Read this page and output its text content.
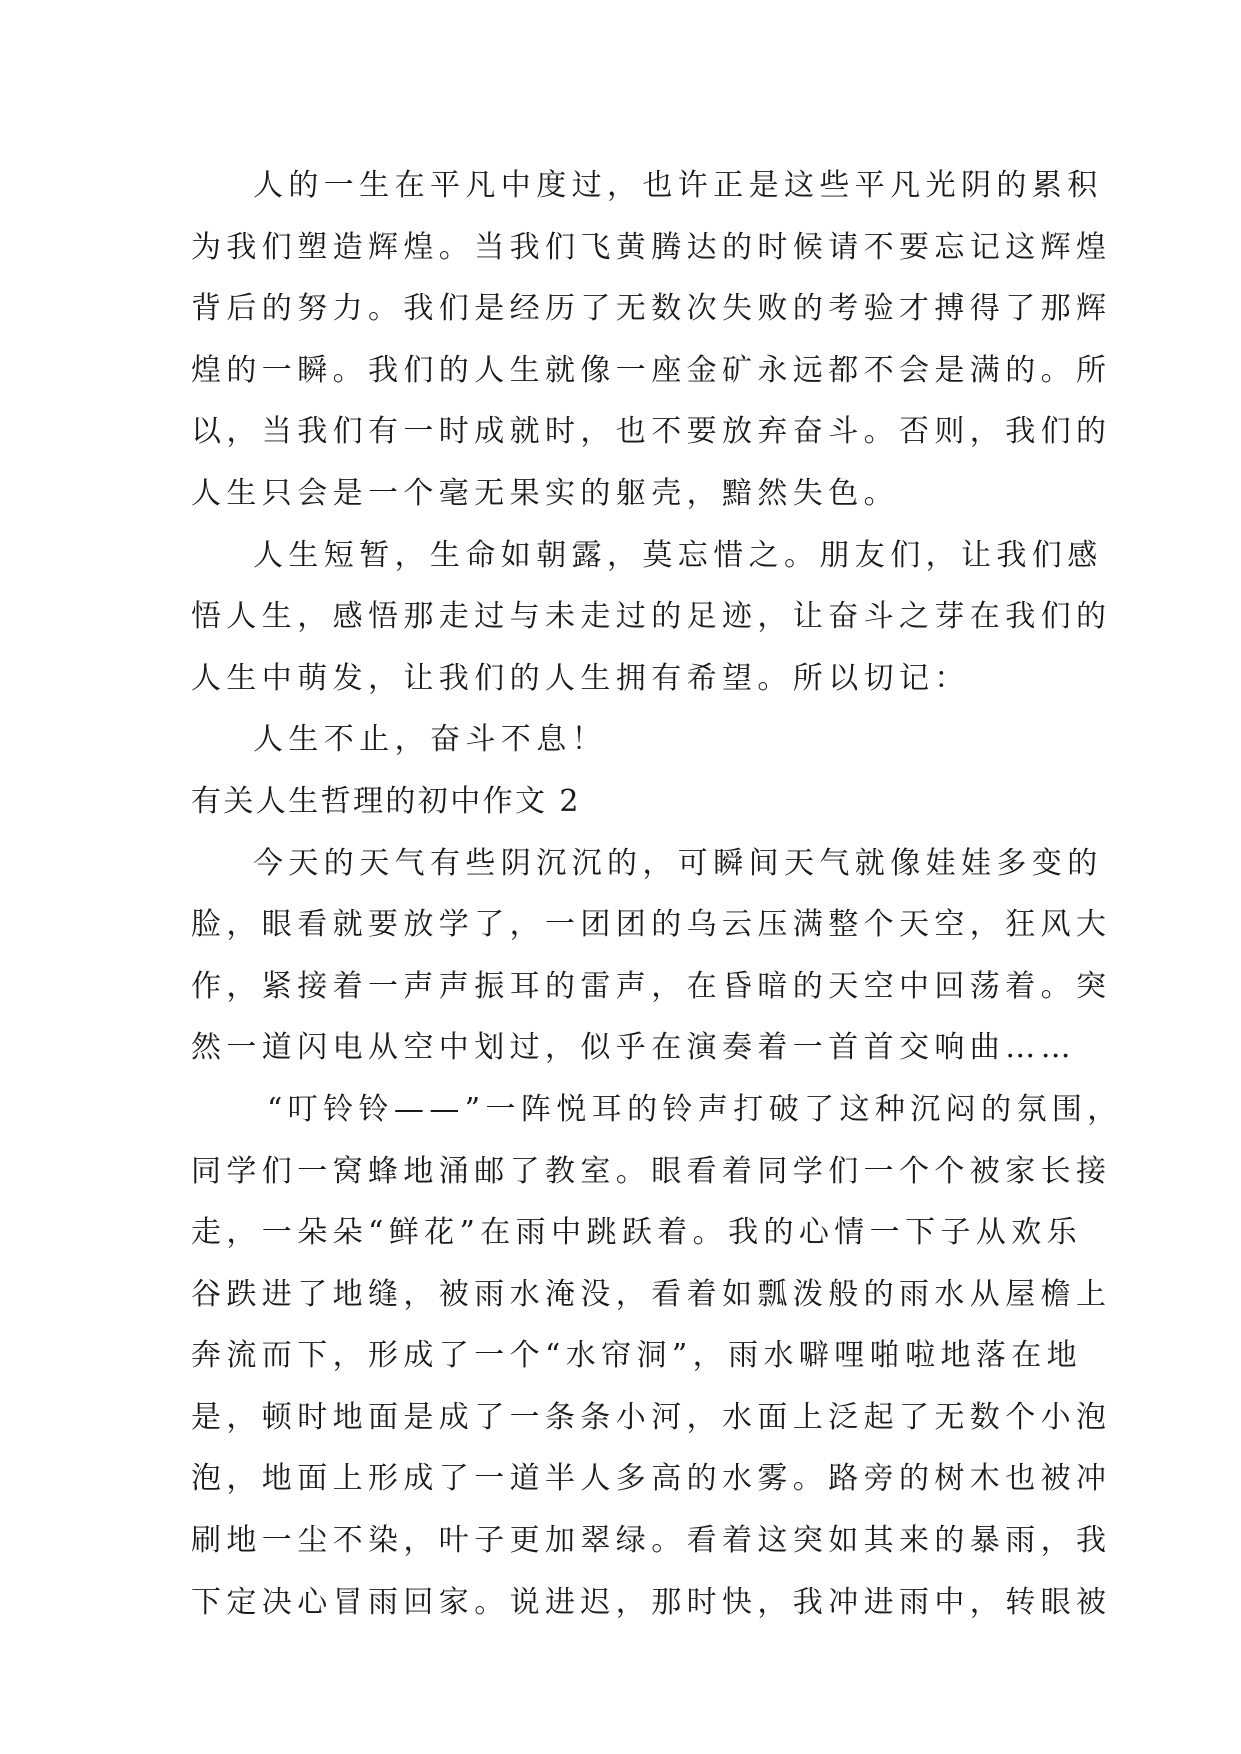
人的一生在平凡中度过，也许正是这些平凡光阴的累积
为我们塑造辉煌。当我们飞黄腾达的时候请不要忘记这辉煌
背后的努力。我们是经历了无数次失败的考验才搏得了那辉
煌的一瞬。我们的人生就像一座金矿永远都不会是满的。所
以，当我们有一时成就时，也不要放弃奋斗。否则，我们的
人生只会是一个毫无果实的躯壳，黯然失色。
人生短暂，生命如朝露，莫忘惜之。朋友们，让我们感
悟人生，感悟那走过与未走过的足迹，让奋斗之芽在我们的
人生中萌发，让我们的人生拥有希望。所以切记：
人生不止，奋斗不息！
有关人生哲理的初中作文 2
今天的天气有些阴沉沉的，可瞬间天气就像娃娃多变的
脸，眼看就要放学了，一团团的乌云压满整个天空，狂风大
作，紧接着一声声振耳的雷声，在昏暗的天空中回荡着。突
然一道闪电从空中划过，似乎在演奏着一首首交响曲……
“叮铃铃——”一阵悦耳的铃声打破了这种沉闷的氛围，
同学们一窝蜂地涌邮了教室。眼看着同学们一个个被家长接
走，一朵朵“鲜花”在雨中跳跃着。我的心情一下子从欢乐
谷跌进了地缝，被雨水淹没，看着如瓢泼般的雨水从屋檐上
奔流而下，形成了一个“水帘洞”，雨水噼哩啪啦地落在地
是，顿时地面是成了一条条小河，水面上泛起了无数个小泡
泡，地面上形成了一道半人多高的水雾。路旁的树木也被冲
刷地一尘不染，叶子更加翠绿。看着这突如其来的暴雨，我
下定决心冒雨回家。说进迟，那时快，我冲进雨中，转眼被
